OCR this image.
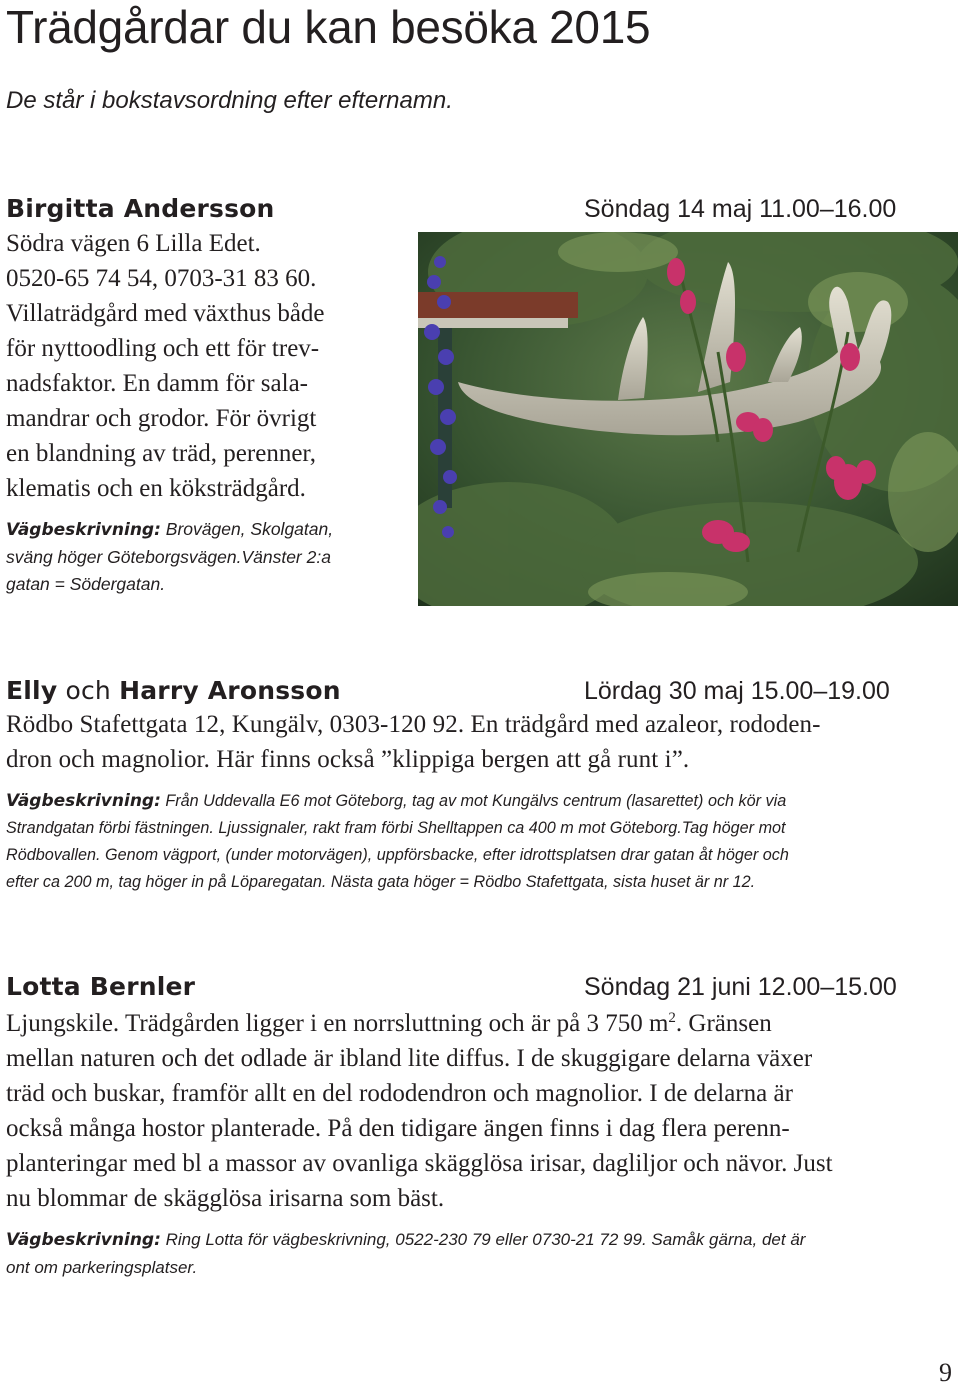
Trädgårdar du kan besöka 2015

De står i bokstavsordning efter efternamn.

Birgitta Andersson	Söndag 14 maj 11.00–16.00

Södra vägen 6 Lilla Edet.
0520-65 74 54, 0703-31 83 60.
Villaträdgård med växthus både
för nyttoodling och ett för trev-
nadsfaktor. En damm för sala-
mandrar och grodor. För övrigt
en blandning av träd, perenner,
klematis och en köksträdgård.

Vägbeskrivning: Brovägen, Skolgatan,
sväng höger Göteborgsvägen.Vänster 2:a
gatan = Södergatan.

Elly och Harry Aronsson	Lördag 30 maj 15.00–19.00

Rödbo Stafettgata 12, Kungälv, 0303-120 92. En trädgård med azaleor, rododen-
dron och magnolior. Här finns också ”klippiga bergen att gå runt i”.

Vägbeskrivning: Från Uddevalla E6 mot Göteborg, tag av mot Kungälvs centrum (lasarettet) och kör via
Strandgatan förbi fästningen. Ljussignaler, rakt fram förbi Shelltappen ca 400 m mot Göteborg.Tag höger mot
Rödbovallen. Genom vägport, (under motorvägen), uppförsbacke, efter idrottsplatsen drar gatan åt höger och
efter ca 200 m, tag höger in på Löparegatan. Nästa gata höger = Rödbo Stafettgata, sista huset är nr 12.

Lotta Bernler	Söndag 21 juni 12.00–15.00

Ljungskile. Trädgården ligger i en norrsluttning och är på 3 750 $m^2$. Gränsen
mellan naturen och det odlade är ibland lite diffus. I de skuggigare delarna växer
träd och buskar, framför allt en del rododendron och magnolior. I de delarna är
också många hostor planterade. På den tidigare ängen finns i dag flera perenn-
planteringar med bl a massor av ovanliga skägglösa irisar, dagliljor och nävor. Just
nu blommar de skägglösa irisarna som bäst.

Vägbeskrivning: Ring Lotta för vägbeskrivning, 0522-230 79 eller 0730-21 72 99. Samåk gärna, det är
ont om parkeringsplatser.

9
